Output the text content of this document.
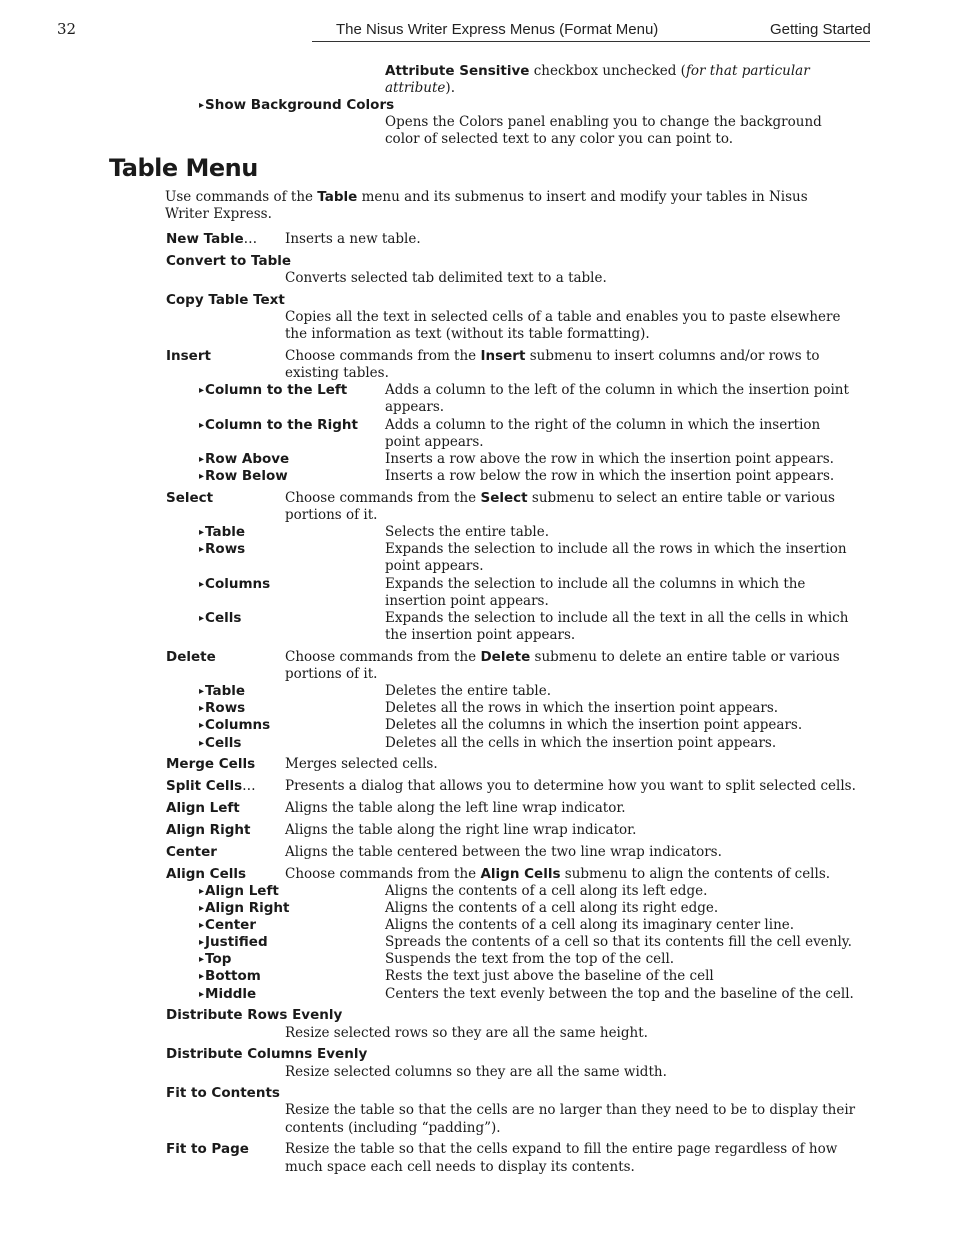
32	The Nisus Writer Express Menus (Format Menu)	Getting Started
Attribute Sensitive checkbox unchecked (for that particular
attribute).
▸Show Background Colors
Opens the Colors panel enabling you to change the background
color of selected text to any color you can point to.
Table Menu
Use commands of the Table menu and its submenus to insert and modify your tables in Nisus
Writer Express.
New Table… Inserts a new table.
Convert to Table
Converts selected tab delimited text to a table.
Copy Table Text
Copies all the text in selected cells of a table and enables you to paste elsewhere
the information as text (without its table formatting).
Insert	Choose commands from the Insert submenu to insert columns and/or rows to
existing tables.
▸Column to the Left	Adds a column to the left of the column in which the insertion point
appears.
▸Column to the Right Adds a column to the right of the column in which the insertion
point appears.
▸Row Above	Inserts a row above the row in which the insertion point appears.
▸Row Below	Inserts a row below the row in which the insertion point appears.
Select	Choose commands from the Select submenu to select an entire table or various
portions of it.
▸Table	Selects the entire table.
▸Rows	Expands the selection to include all the rows in which the insertion
point appears.
▸Columns	Expands the selection to include all the columns in which the
insertion point appears.
▸Cells	Expands the selection to include all the text in all the cells in which
the insertion point appears.
Delete	Choose commands from the Delete submenu to delete an entire table or various
portions of it.
▸Table	Deletes the entire table.
▸Rows	Deletes all the rows in which the insertion point appears.
▸Columns	Deletes all the columns in which the insertion point appears.
▸Cells	Deletes all the cells in which the insertion point appears.
Merge Cells Merges selected cells.
Split Cells… Presents a dialog that allows you to determine how you want to split selected cells.
Align Left	Aligns the table along the left line wrap indicator.
Align Right	Aligns the table along the right line wrap indicator.
Center	Aligns the table centered between the two line wrap indicators.
Align Cells	Choose commands from the Align Cells submenu to align the contents of cells.
▸Align Left	Aligns the contents of a cell along its left edge.
▸Align Right	Aligns the contents of a cell along its right edge.
▸Center	Aligns the contents of a cell along its imaginary center line.
▸Justified	Spreads the contents of a cell so that its contents fill the cell evenly.
▸Top	Suspends the text from the top of the cell.
▸Bottom	Rests the text just above the baseline of the cell
▸Middle	Centers the text evenly between the top and the baseline of the cell.
Distribute Rows Evenly
Resize selected rows so they are all the same height.
Distribute Columns Evenly
Resize selected columns so they are all the same width.
Fit to Contents
Resize the table so that the cells are no larger than they need to be to display their
contents (including “padding”).
Fit to Page	Resize the table so that the cells expand to fill the entire page regardless of how
much space each cell needs to display its contents.
